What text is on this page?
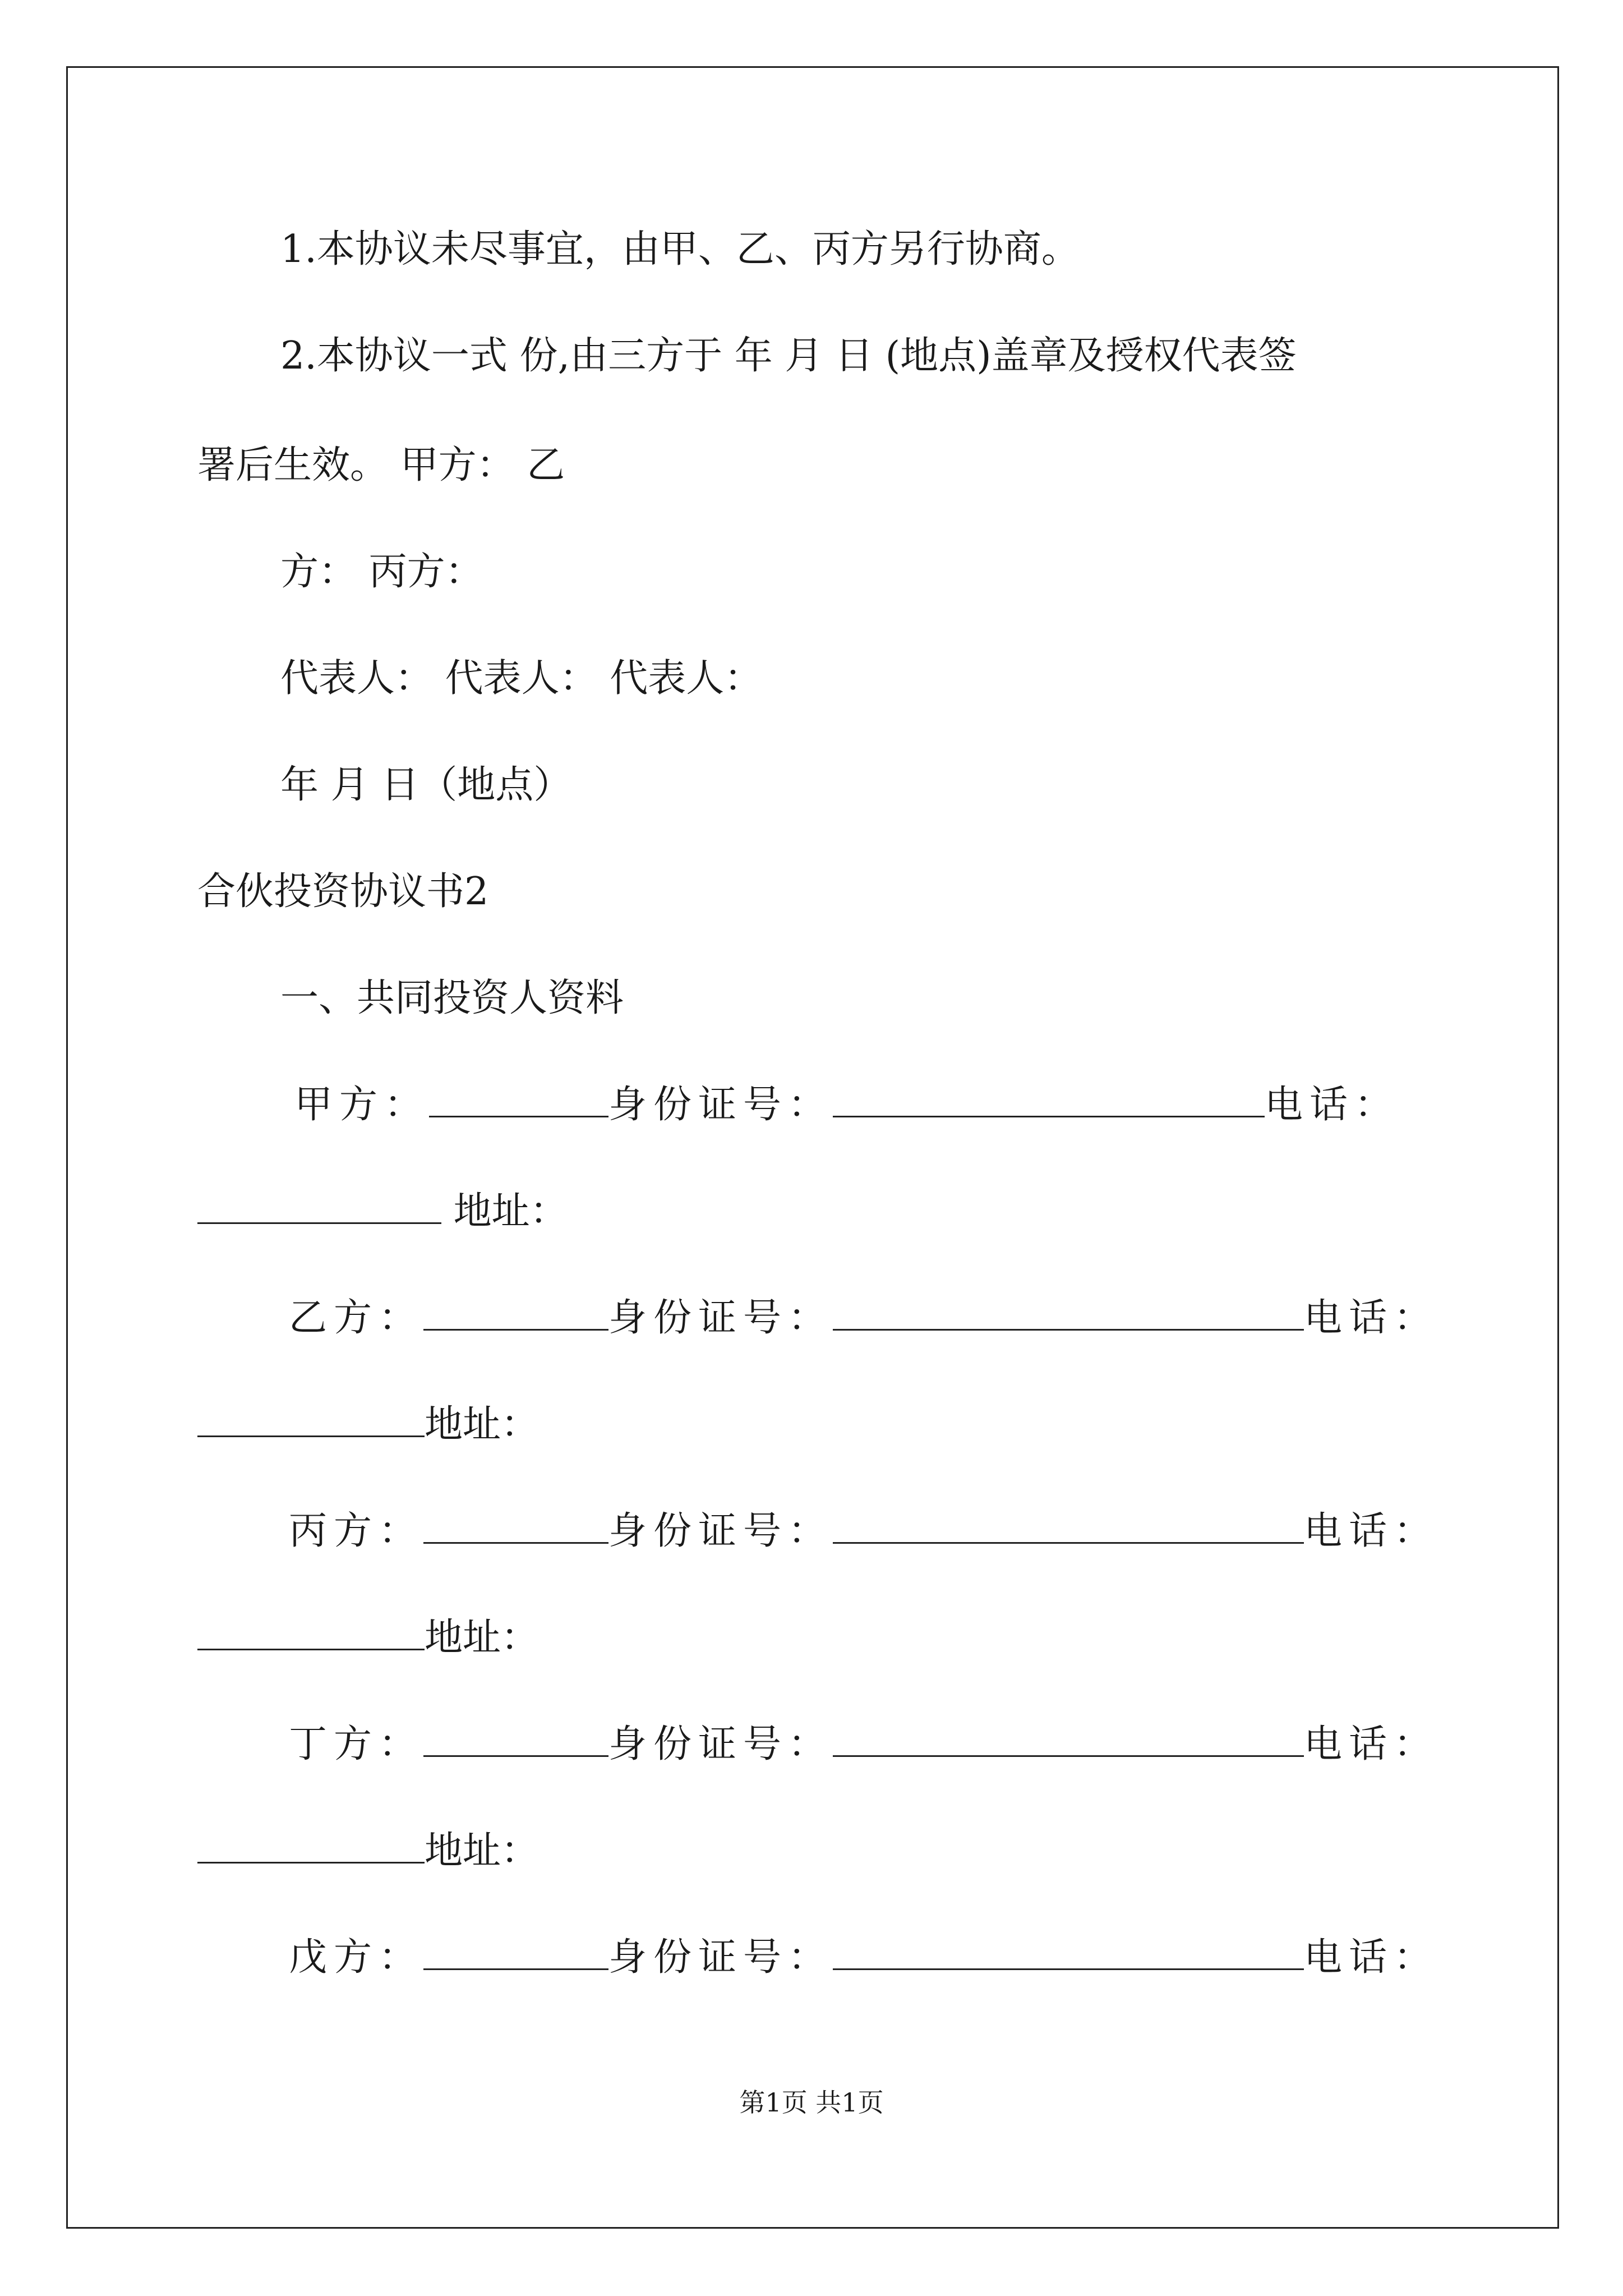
1.本协议未尽事宜，由甲、乙、丙方另行协商。
2.本协议一式 份,由三方于 年 月 日 (地点)盖章及授权代表签
署后生效。 甲方： 乙
方： 丙方：
代表人： 代表人： 代表人：
年 月 日（地点）
合伙投资协议书2
一、共同投资人资料
甲方：	身份证号：	电话：
地址：
乙方：	身份证号：	电话：
地址：
丙方：	身份证号：	电话：
地址：
丁方：	身份证号：	电话：
地址：
戊方：	身份证号：	电话：
第1页 共1页
